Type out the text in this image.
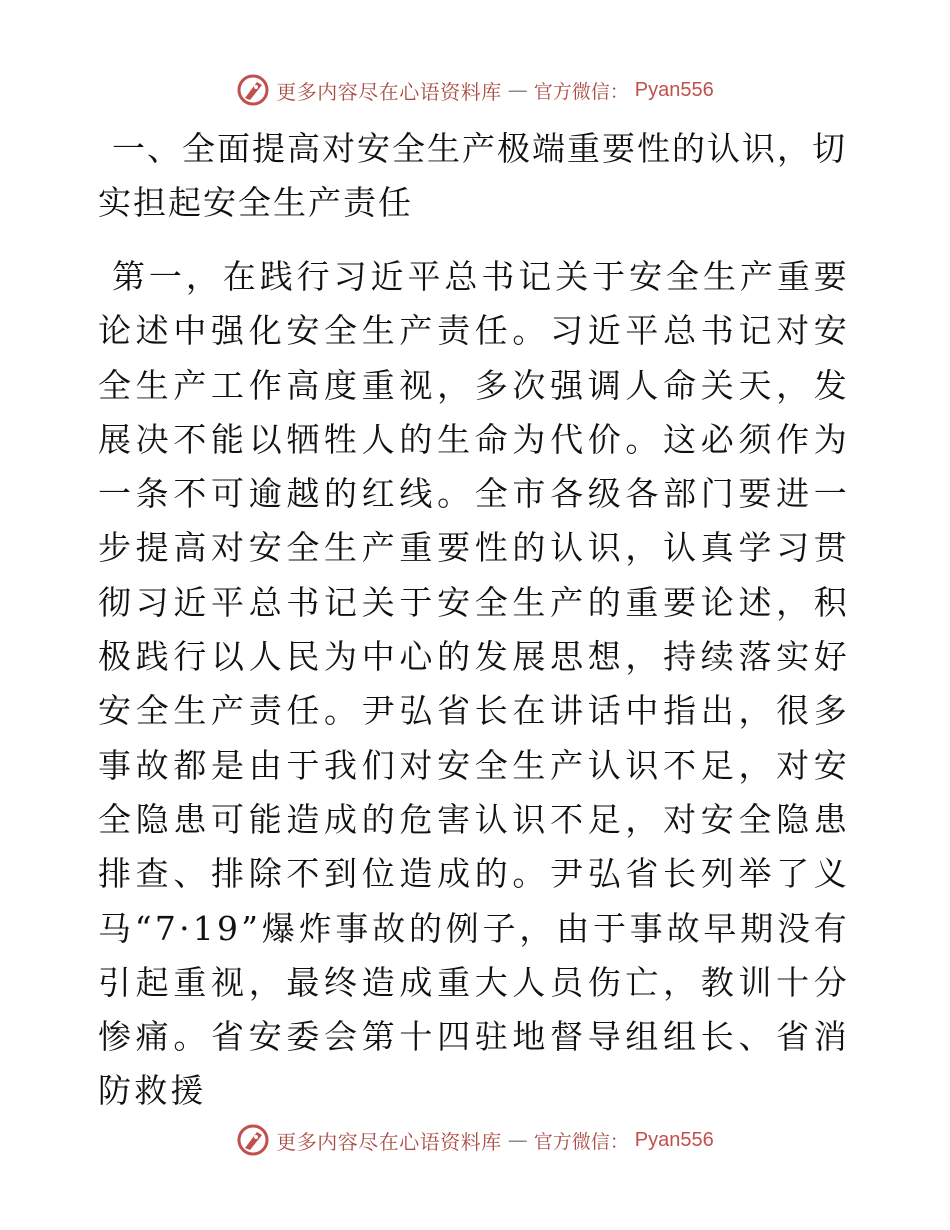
更多内容尽在心语资料库 — 官方微信： Pyan556
一、全面提高对安全生产极端重要性的认识，切实担起安全生产责任

第一，在践行习近平总书记关于安全生产重要论述中强化安全生产责任。习近平总书记对安全生产工作高度重视，多次强调人命关天，发展决不能以牺牲人的生命为代价。这必须作为一条不可逾越的红线。全市各级各部门要进一步提高对安全生产重要性的认识，认真学习贯彻习近平总书记关于安全生产的重要论述，积极践行以人民为中心的发展思想，持续落实好安全生产责任。尹弘省长在讲话中指出，很多事故都是由于我们对安全生产认识不足，对安全隐患可能造成的危害认识不足，对安全隐患排查、排除不到位造成的。尹弘省长列举了义马“7·19”爆炸事故的例子，由于事故早期没有引起重视，最终造成重大人员伤亡，教训十分惨痛。省安委会第十四驻地督导组组长、省消防救援

更多内容尽在心语资料库 — 官方微信： Pyan556
